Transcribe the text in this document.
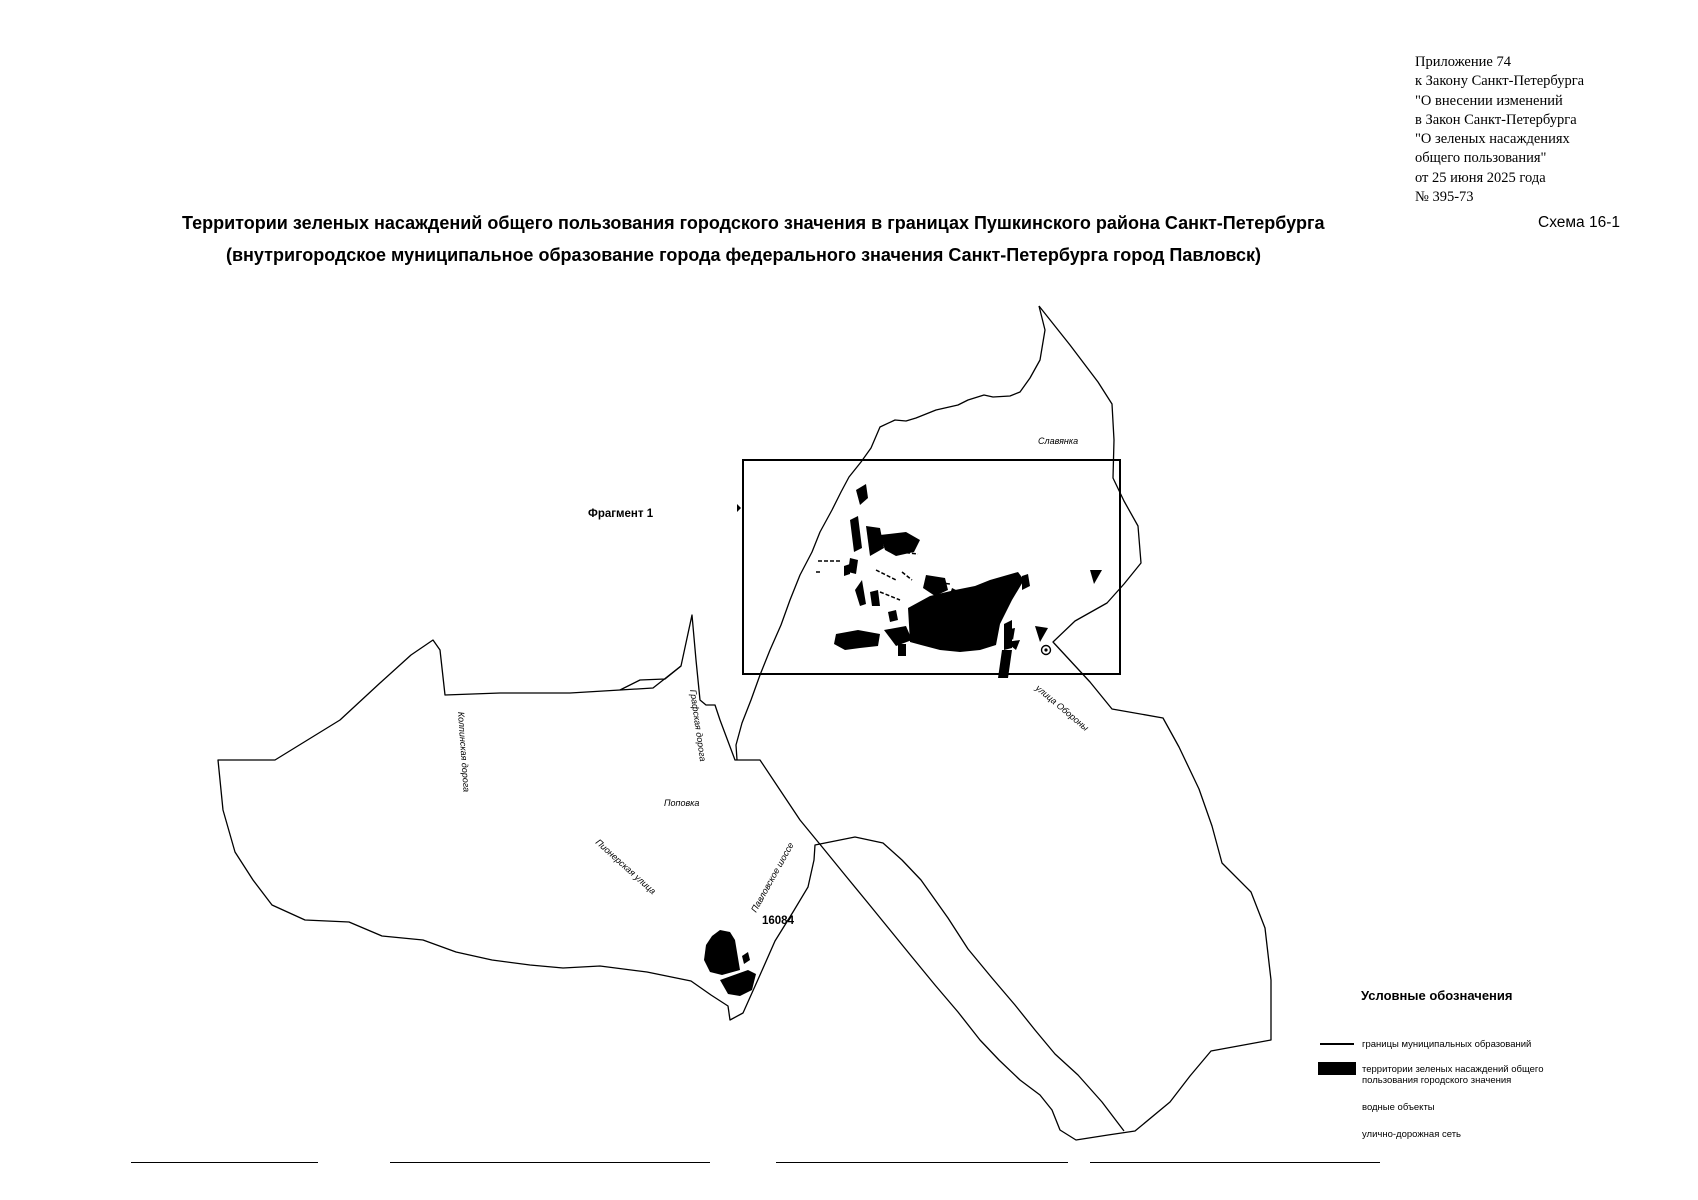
Приложение 74
к Закону Санкт-Петербурга
"О внесении изменений
в Закон Санкт-Петербурга
"О зеленых насаждениях
общего пользования"
от 25 июня 2025 года
№ 395-73
Территории зеленых насаждений общего пользования городского значения в границах Пушкинского района Санкт-Петербурга
(внутригородское муниципальное образование города федерального значения Санкт-Петербурга город Павловск)
Схема 16-1
Славянка
Фрагмент 1
Поповка
16084
улица Обороны
Графская дорога
Колпинская дорога
Пионерская улица	Павловское шоссе
Условные обозначения
границы муниципальных образований
территории зеленых насаждений общего пользования городского значения
водные объекты
улично-дорожная сеть
